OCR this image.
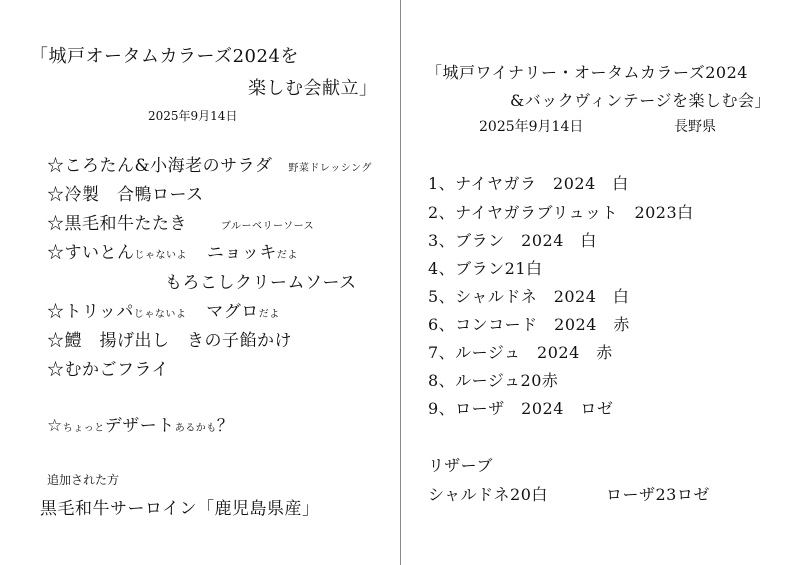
「城戸オータムカラーズ2024を
楽しむ会献立」
2025年9月14日
☆ころたん&小海老のサラダ 野菜ドレッシング
☆冷製　合鴨ロース
☆黒毛和牛たたき	ブルーベリーソース
☆すいとんじゃないよ ニョッキだよ
もろこしクリームソース
☆トリッパじゃないよ マグロだよ
☆鱧　揚げ出し　きの子餡かけ
☆むかごフライ
☆ちょっとデザートあるかも？
追加された方
黒毛和牛サーロイン「鹿児島県産」
「城戸ワイナリー・オータムカラーズ2024
&バックヴィンテージを楽しむ会」
2025年9月14日	長野県
1、ナイヤガラ　2024　白
2、ナイヤガラブリュット　2023白
3、ブラン　2024　白
4、ブラン21白
5、シャルドネ　2024　白
6、コンコード　2024　赤
7、ルージュ　2024　赤
8、ルージュ20赤
9、ローザ　2024　ロゼ
リザーブ
シャルドネ20白	ローザ23ロゼ
